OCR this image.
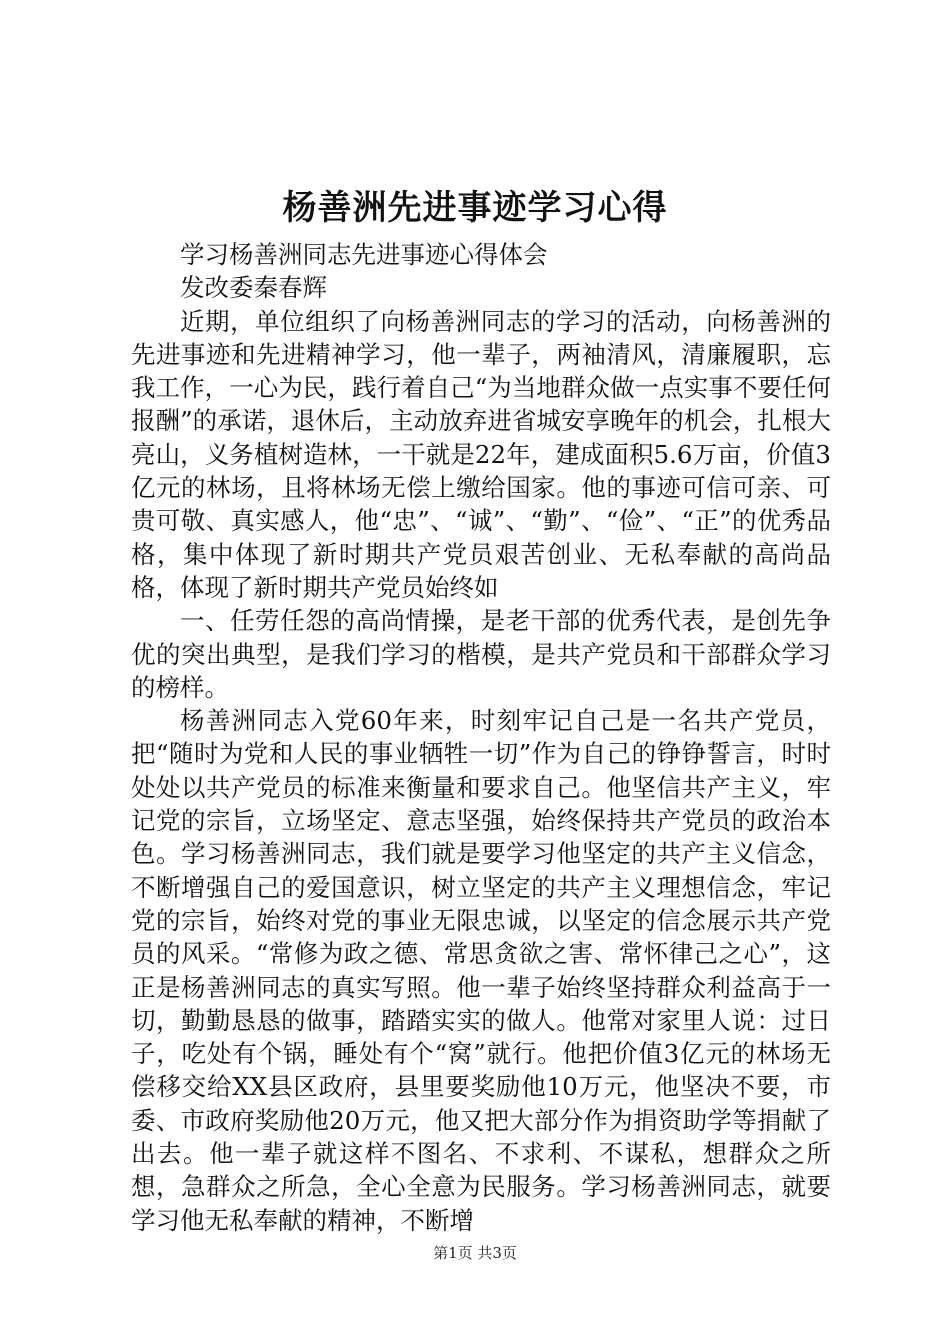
杨善洲先进事迹学习心得

学习杨善洲同志先进事迹心得体会

发改委秦春辉

近期，单位组织了向杨善洲同志的学习的活动，向杨善洲的先进事迹和先进精神学习，他一辈子，两袖清风，清廉履职，忘我工作，一心为民，践行着自己“为当地群众做一点实事不要任何报酬”的承诺，退休后，主动放弃进省城安享晚年的机会，扎根大亮山，义务植树造林，一干就是22年，建成面积5.6万亩，价值3亿元的林场，且将林场无偿上缴给国家。他的事迹可信可亲、可贵可敬、真实感人，他“忠”、“诚”、“勤”、“俭”、“正”的优秀品格，集中体现了新时期共产党员艰苦创业、无私奉献的高尚品格，体现了新时期共产党员始终如

一、任劳任怨的高尚情操，是老干部的优秀代表，是创先争优的突出典型，是我们学习的楷模，是共产党员和干部群众学习的榜样。

杨善洲同志入党60年来，时刻牢记自己是一名共产党员，把“随时为党和人民的事业牺牲一切”作为自己的铮铮誓言，时时处处以共产党员的标准来衡量和要求自己。他坚信共产主义，牢记党的宗旨，立场坚定、意志坚强，始终保持共产党员的政治本色。学习杨善洲同志，我们就是要学习他坚定的共产主义信念，不断增强自己的爱国意识，树立坚定的共产主义理想信念，牢记党的宗旨，始终对党的事业无限忠诚，以坚定的信念展示共产党员的风采。“常修为政之德、常思贪欲之害、常怀律己之心”，这正是杨善洲同志的真实写照。他一辈子始终坚持群众利益高于一切，勤勤恳恳的做事，踏踏实实的做人。他常对家里人说：过日子，吃处有个锅，睡处有个“窝”就行。他把价值3亿元的林场无偿移交给XX县区政府，县里要奖励他10万元，他坚决不要，市委、市政府奖励他20万元，他又把大部分作为捐资助学等捐献了出去。他一辈子就这样不图名、不求利、不谋私，想群众之所想，急群众之所急，全心全意为民服务。学习杨善洲同志，就要学习他无私奉献的精神，不断增

第1页 共3页
